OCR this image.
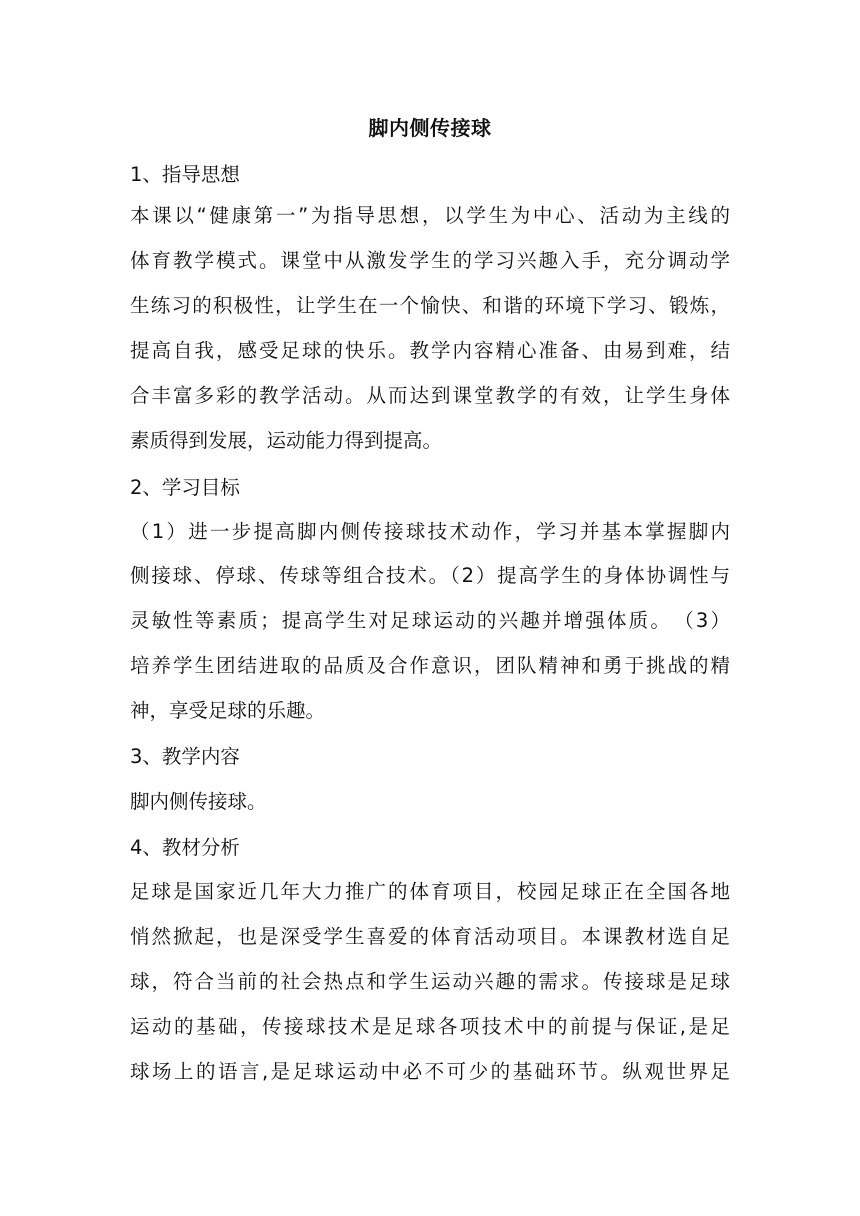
脚内侧传接球
1、指导思想
本课以“健康第一”为指导思想，以学生为中心、活动为主线的
体育教学模式。课堂中从激发学生的学习兴趣入手，充分调动学
生练习的积极性，让学生在一个愉快、和谐的环境下学习、锻炼，
提高自我，感受足球的快乐。教学内容精心准备、由易到难，结
合丰富多彩的教学活动。从而达到课堂教学的有效，让学生身体
素质得到发展，运动能力得到提高。
2、学习目标
（1）进一步提高脚内侧传接球技术动作，学习并基本掌握脚内
侧接球、停球、传球等组合技术。（2）提高学生的身体协调性与
灵敏性等素质；提高学生对足球运动的兴趣并增强体质。　（3）
培养学生团结进取的品质及合作意识，团队精神和勇于挑战的精
神，享受足球的乐趣。
3、教学内容
脚内侧传接球。
4、教材分析
足球是国家近几年大力推广的体育项目，校园足球正在全国各地
悄然掀起，也是深受学生喜爱的体育活动项目。本课教材选自足
球，符合当前的社会热点和学生运动兴趣的需求。传接球是足球
运动的基础，传接球技术是足球各项技术中的前提与保证,是足
球场上的语言,是足球运动中必不可少的基础环节。纵观世界足
